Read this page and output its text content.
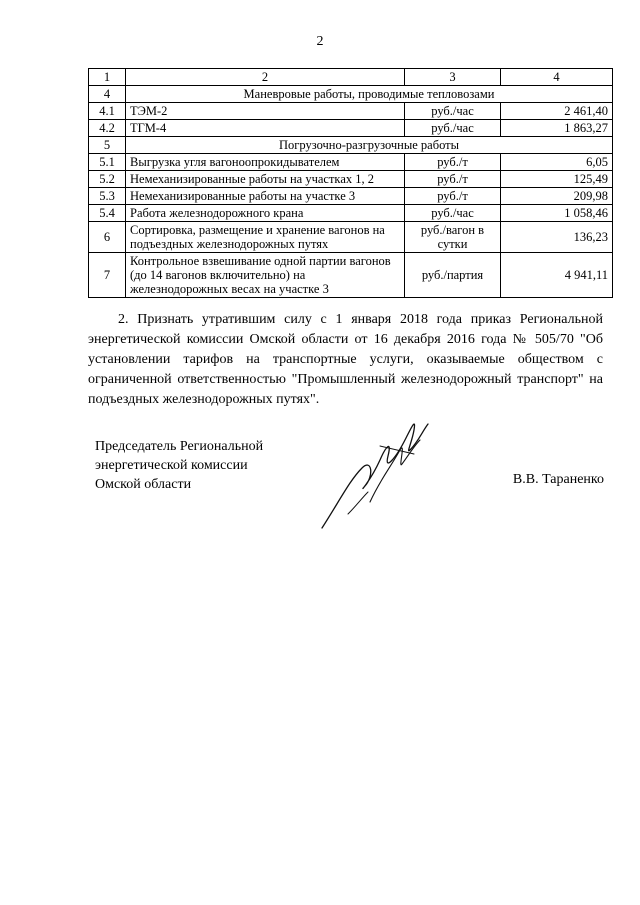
2
1	2	3	4
4	Маневровые работы, проводимые тепловозами		
4.1	ТЭМ-2	руб./час	2 461,40
4.2	ТГМ-4	руб./час	1 863,27
5	Погрузочно-разгрузочные работы		
5.1	Выгрузка угля вагоноопрокидывателем	руб./т	6,05
5.2	Немеханизированные работы на участках 1, 2	руб./т	125,49
5.3	Немеханизированные работы на участке 3	руб./т	209,98
5.4	Работа железнодорожного крана	руб./час	1 058,46
6	Сортировка, размещение и хранение вагонов на подъездных железнодорожных путях	руб./вагон в сутки	136,23
7	Контрольное взвешивание одной партии вагонов (до 14 вагонов включительно) на железнодорожных весах на участке 3	руб./партия	4 941,11
2. Признать утратившим силу с 1 января 2018 года приказ Региональной энергетической комиссии Омской области от 16 декабря 2016 года № 505/70 "Об установлении тарифов на транспортные услуги, оказываемые обществом с ограниченной ответственностью "Промышленный железнодорожный транспорт" на подъездных железнодорожных путях".
Председатель Региональной
энергетической комиссии
Омской области	В.В. Тараненко
